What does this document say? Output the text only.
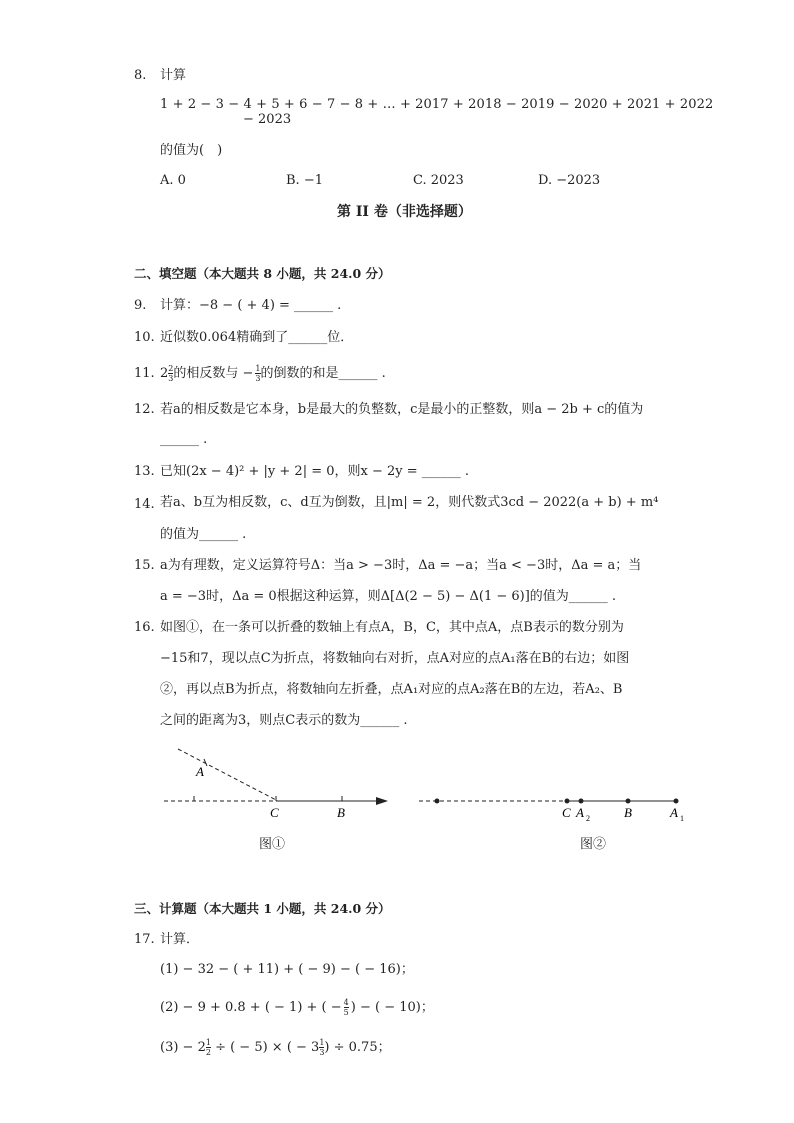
8. 计算
1 + 2 − 3 − 4 + 5 + 6 − 7 − 8 + … + 2017 + 2018 − 2019 − 2020 + 2021 + 2022
− 2023
的值为(　)
A. 0	B. −1	C. 2023	D. −2023
第 II 卷（非选择题）
二、填空题（本大题共 8 小题，共 24.0 分）
9. 计算：−8 − ( + 4) = ______ .
10. 近似数0.064精确到了______位．
11. $2 \frac{2}{3}$ 的相反数与 − $\frac{1}{3}$ 的倒数的和是______ .
12. 若a的相反数是它本身，b是最大的负整数，c是最小的正整数，则a − 2b + c的值为
______ .
13. 已知(2x − 4)² + |y + 2| = 0，则x − 2y = ______ .
14. 若a、b互为相反数，c、d互为倒数，且|m| = 2，则代数式3cd − 2022(a + b) + m⁴
的值为______ .
15. a为有理数，定义运算符号Δ：当a > −3时，Δa = −a；当a < −3时，Δa = a；当
a = −3时，Δa = 0根据这种运算，则Δ[Δ(2 − 5) − Δ(1 − 6)]的值为______ .
16. 如图①，在一条可以折叠的数轴上有点A，B，C，其中点A，点B表示的数分别为
−15和7，现以点C为折点，将数轴向右对折，点A对应的点A₁落在B的右边；如图
②，再以点B为折点，将数轴向左折叠，点A₁对应的点A₂落在B的左边，若A₂、B
之间的距离为3，则点C表示的数为______ .
A
C	B
图①
C A 2	B	A 1
图②
三、计算题（本大题共 1 小题，共 24.0 分）
17. 计算．
(1) − 32 − ( + 11) + ( − 9) − ( − 16)；
(2) − 9 + 0.8 + ( − 1) + ( − $\frac{4}{5}$ ) − ( − 10)；
$(3) - 2 \frac{1}{2}$ ÷ ( − 5) × ( − $3 \frac{1}{3}$ ) ÷ 0.75；
